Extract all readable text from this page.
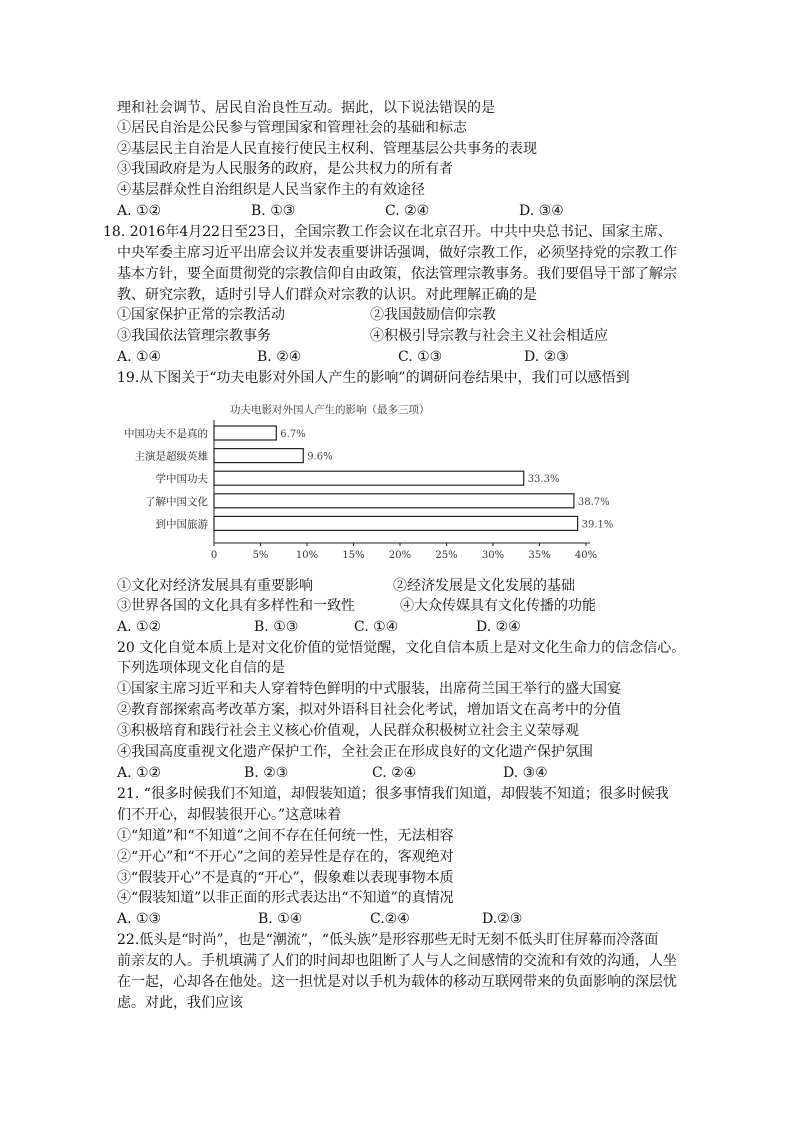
理和社会调节、居民自治良性互动。据此，以下说法错误的是
①居民自治是公民参与管理国家和管理社会的基础和标志
②基层民主自治是人民直接行使民主权利、管理基层公共事务的表现
③我国政府是为人民服务的政府，是公共权力的所有者
④基层群众性自治组织是人民当家作主的有效途径
A. ①②	B. ①③	C. ②④	D. ③④
18. 2016年4月22日至23日，全国宗教工作会议在北京召开。中共中央总书记、国家主席、
中央军委主席习近平出席会议并发表重要讲话强调，做好宗教工作，必须坚持党的宗教工作
基本方针，要全面贯彻党的宗教信仰自由政策，依法管理宗教事务。我们要倡导干部了解宗
教、研究宗教，适时引导人们群众对宗教的认识。对此理解正确的是
①国家保护正常的宗教活动	②我国鼓励信仰宗教
③我国依法管理宗教事务	④积极引导宗教与社会主义社会相适应
A. ①④	B. ②④	C. ①③	D. ②③
19.从下图关于“功夫电影对外国人产生的影响”的调研问卷结果中，我们可以感悟到
功夫电影对外国人产生的影响（最多三项）
中国功夫不是真的	6.7%
主演是超级英雄	9.6%
学中国功夫	33.3%
了解中国文化	38.7%
到中国旅游	39.1%
0	5%	10% 15% 20% 25% 30% 35% 40%
①文化对经济发展具有重要影响	②经济发展是文化发展的基础
③世界各国的文化具有多样性和一致性	④大众传媒具有文化传播的功能
A. ①②	B. ①③	C. ①④	D. ②④
20 文化自觉本质上是对文化价值的觉悟觉醒，文化自信本质上是对文化生命力的信念信心。
下列选项体现文化自信的是
①国家主席习近平和夫人穿着特色鲜明的中式服装，出席荷兰国王举行的盛大国宴
②教育部探索高考改革方案，拟对外语科目社会化考试，增加语文在高考中的分值
③积极培育和践行社会主义核心价值观，人民群众积极树立社会主义荣辱观
④我国高度重视文化遗产保护工作，全社会正在形成良好的文化遗产保护氛围
A. ①②	B. ②③	C. ②④	D. ③④
21. “很多时候我们不知道，却假装知道；很多事情我们知道，却假装不知道；很多时候我
们不开心，却假装很开心。”这意味着
①“知道”和“不知道”之间不存在任何统一性，无法相容
②“开心”和“不开心”之间的差异性是存在的，客观绝对
③“假装开心”不是真的“开心”，假象难以表现事物本质
④“假装知道”以非正面的形式表达出“不知道”的真情况
A. ①③	B. ①④	C.②④	D.②③
22.低头是“时尚”，也是“潮流”，“低头族”是形容那些无时无刻不低头盯住屏幕而冷落面
前亲友的人。手机填满了人们的时间却也阻断了人与人之间感情的交流和有效的沟通，人坐
在一起，心却各在他处。这一担忧是对以手机为载体的移动互联网带来的负面影响的深层忧
虑。对此，我们应该
